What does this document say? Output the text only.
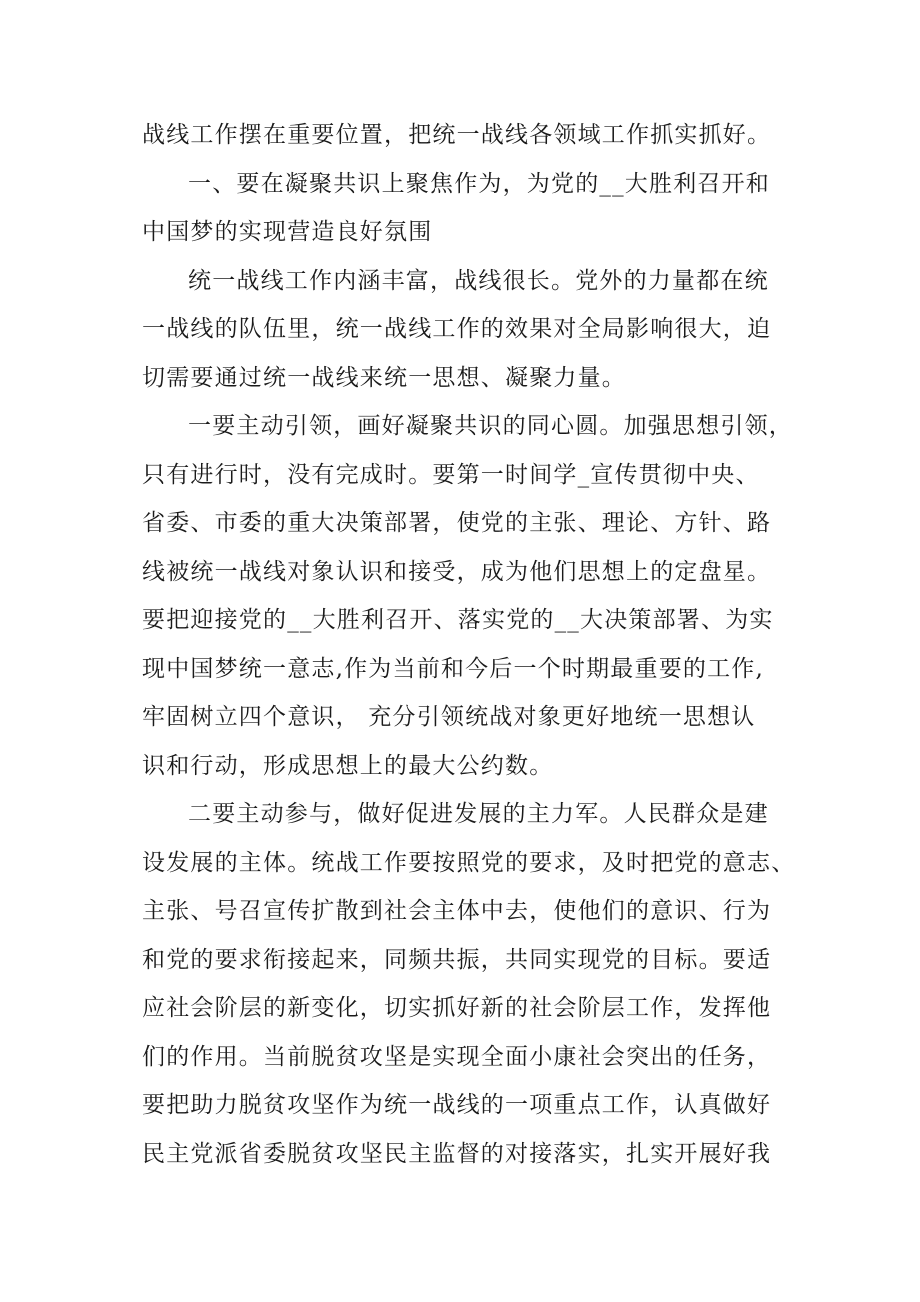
战线工作摆在重要位置，把统一战线各领域工作抓实抓好。
一、要在凝聚共识上聚焦作为，为党的__大胜利召开和
中国梦的实现营造良好氛围
统一战线工作内涵丰富，战线很长。党外的力量都在统
一战线的队伍里，统一战线工作的效果对全局影响很大，迫
切需要通过统一战线来统一思想、凝聚力量。
一要主动引领，画好凝聚共识的同心圆。加强思想引领，
只有进行时，没有完成时。要第一时间学_宣传贯彻中央、
省委、市委的重大决策部署，使党的主张、理论、方针、路
线被统一战线对象认识和接受，成为他们思想上的定盘星。
要把迎接党的__大胜利召开、落实党的__大决策部署、为实
现中国梦统一意志,作为当前和今后一个时期最重要的工作,
牢固树立四个意识， 充分引领统战对象更好地统一思想认
识和行动，形成思想上的最大公约数。
二要主动参与，做好促进发展的主力军。人民群众是建
设发展的主体。统战工作要按照党的要求，及时把党的意志、
主张、号召宣传扩散到社会主体中去，使他们的意识、行为
和党的要求衔接起来，同频共振，共同实现党的目标。要适
应社会阶层的新变化，切实抓好新的社会阶层工作，发挥他
们的作用。当前脱贫攻坚是实现全面小康社会突出的任务，
要把助力脱贫攻坚作为统一战线的一项重点工作，认真做好
民主党派省委脱贫攻坚民主监督的对接落实，扎实开展好我
